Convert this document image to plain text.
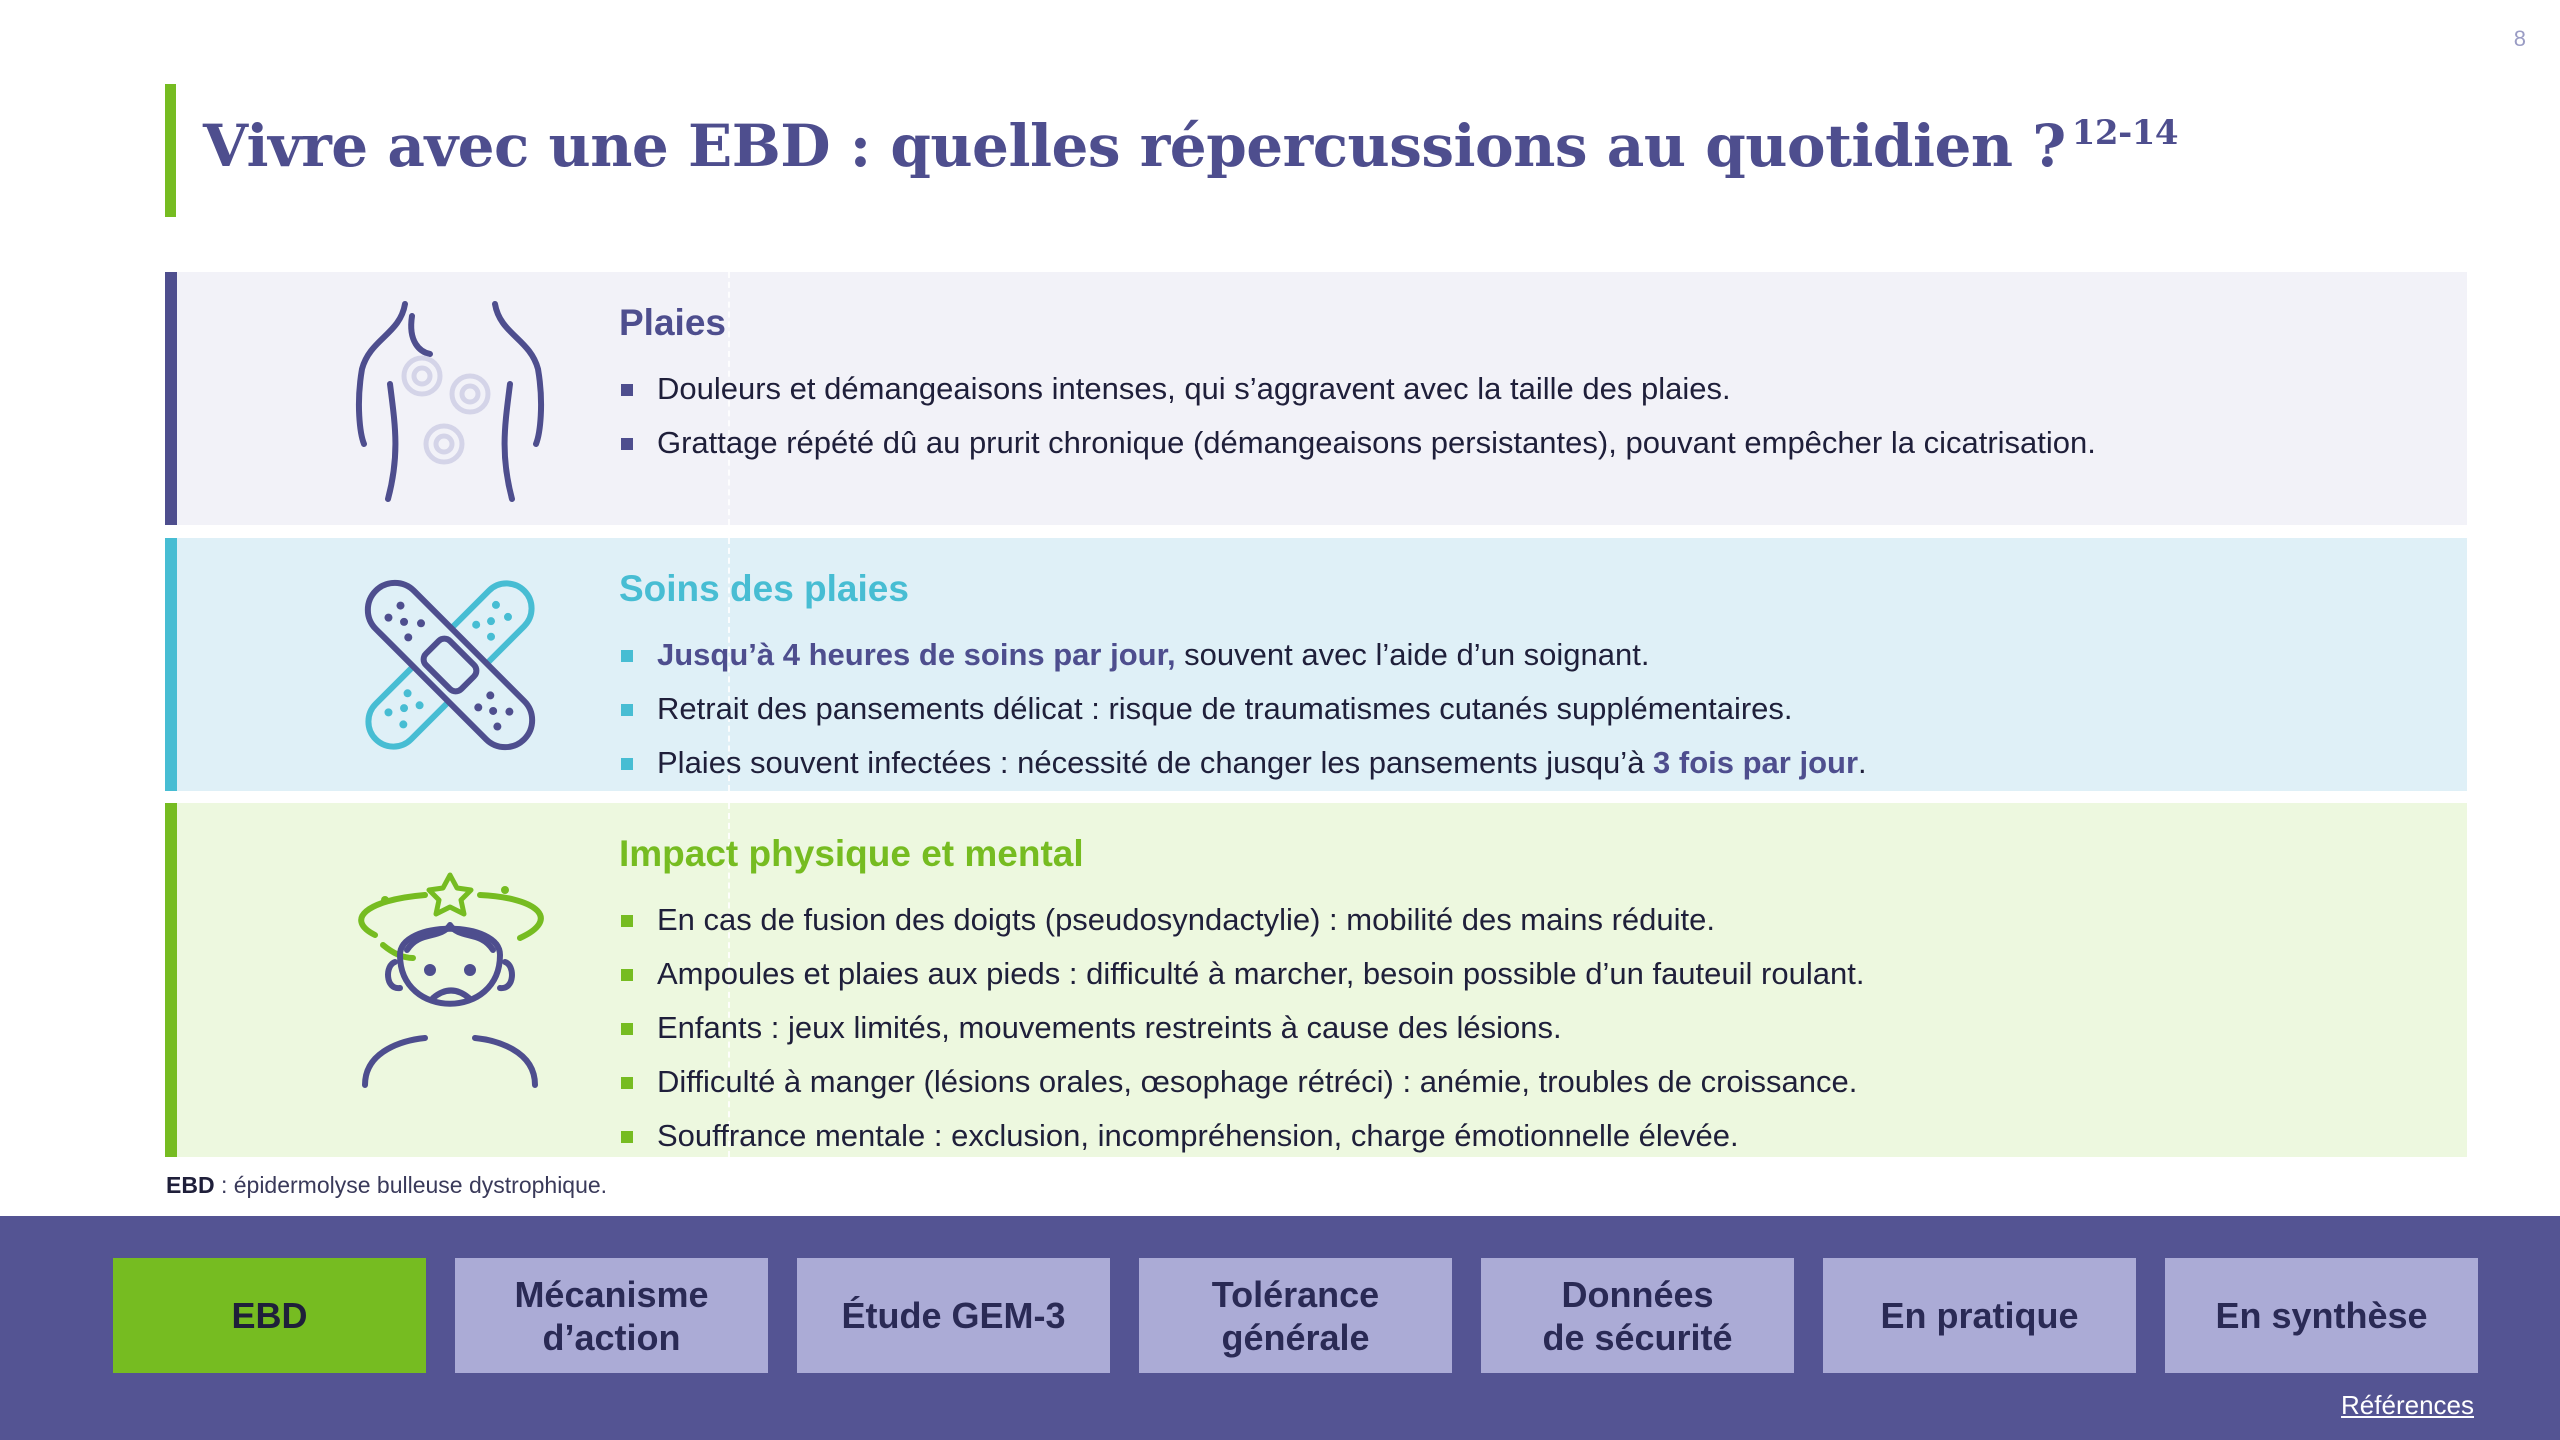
8
Vivre avec une EBD : quelles répercussions au quotidien ? $^{12-14}$
Plaies
Douleurs et démangeaisons intenses, qui s’aggravent avec la taille des plaies.
Grattage répété dû au prurit chronique (démangeaisons persistantes), pouvant empêcher la cicatrisation.
Soins des plaies
Jusqu’à 4 heures de soins par jour, souvent avec l’aide d’un soignant.
Retrait des pansements délicat : risque de traumatismes cutanés supplémentaires.
Plaies souvent infectées : nécessité de changer les pansements jusqu’à 3 fois par jour.
Impact physique et mental
En cas de fusion des doigts (pseudosyndactylie) : mobilité des mains réduite.
Ampoules et plaies aux pieds : difficulté à marcher, besoin possible d’un fauteuil roulant.
Enfants : jeux limités, mouvements restreints à cause des lésions.
Difficulté à manger (lésions orales, œsophage rétréci) : anémie, troubles de croissance.
Souffrance mentale : exclusion, incompréhension, charge émotionnelle élevée.
EBD : épidermolyse bulleuse dystrophique.
EBD
Mécanisme
d’action
Étude GEM-3
Tolérance
générale
Données
de sécurité
En pratique	En synthèse
Références
